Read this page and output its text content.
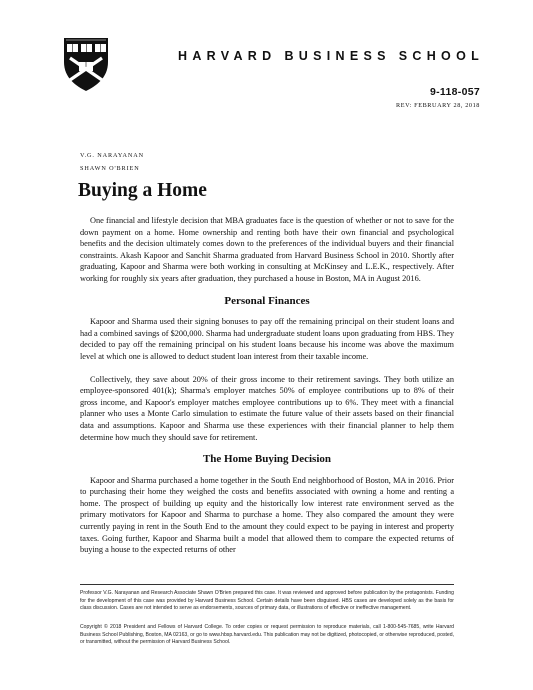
HARVARD BUSINESS SCHOOL
9-118-057
REV: FEBRUARY 28, 2018
V.G. NARAYANAN
SHAWN O'BRIEN
Buying a Home

One financial and lifestyle decision that MBA graduates face is the question of whether or not to save for the down payment on a home. Home ownership and renting both have their own financial and psychological benefits and the decision ultimately comes down to the preferences of the individual buyers and their financial constraints. Akash Kapoor and Sanchit Sharma graduated from Harvard Business School in 2010. Shortly after graduating, Kapoor and Sharma were both working in consulting at McKinsey and L.E.K., respectively. After working for roughly six years after graduation, they purchased a house in Boston, MA in August 2016.

Personal Finances

Kapoor and Sharma used their signing bonuses to pay off the remaining principal on their student loans and had a combined savings of $200,000. Sharma had undergraduate student loans upon graduating from HBS. They decided to pay off the remaining principal on his student loans because his income was above the maximum level at which one is allowed to deduct student loan interest from their taxable income.

Collectively, they save about 20% of their gross income to their retirement savings. They both utilize an employee-sponsored 401(k); Sharma's employer matches 50% of employee contributions up to 8% of their gross income, and Kapoor's employer matches employee contributions up to 6%. They meet with a financial planner who uses a Monte Carlo simulation to estimate the future value of their assets based on their financial data and assumptions. Kapoor and Sharma use these experiences with their financial planner to help them determine how much they should save for retirement.

The Home Buying Decision

Kapoor and Sharma purchased a home together in the South End neighborhood of Boston, MA in 2016. Prior to purchasing their home they weighed the costs and benefits associated with owning a home and renting a home. The prospect of building up equity and the historically low interest rate environment served as the primary motivators for Kapoor and Sharma to purchase a home. They also compared the amount they were currently paying in rent in the South End to the amount they could expect to be paying in interest and property taxes. Going further, Kapoor and Sharma built a model that allowed them to compare the expected returns of buying a house to the expected returns of other

Professor V.G. Narayanan and Research Associate Shawn O'Brien prepared this case. It was reviewed and approved before publication by the protagonists. Funding for the development of this case was provided by Harvard Business School. Certain details have been disguised. HBS cases are developed solely as the basis for class discussion. Cases are not intended to serve as endorsements, sources of primary data, or illustrations of effective or ineffective management.

Copyright © 2018 President and Fellows of Harvard College. To order copies or request permission to reproduce materials, call 1-800-545-7685, write Harvard Business School Publishing, Boston, MA 02163, or go to www.hbsp.harvard.edu. This publication may not be digitized, photocopied, or otherwise reproduced, posted, or transmitted, without the permission of Harvard Business School.
